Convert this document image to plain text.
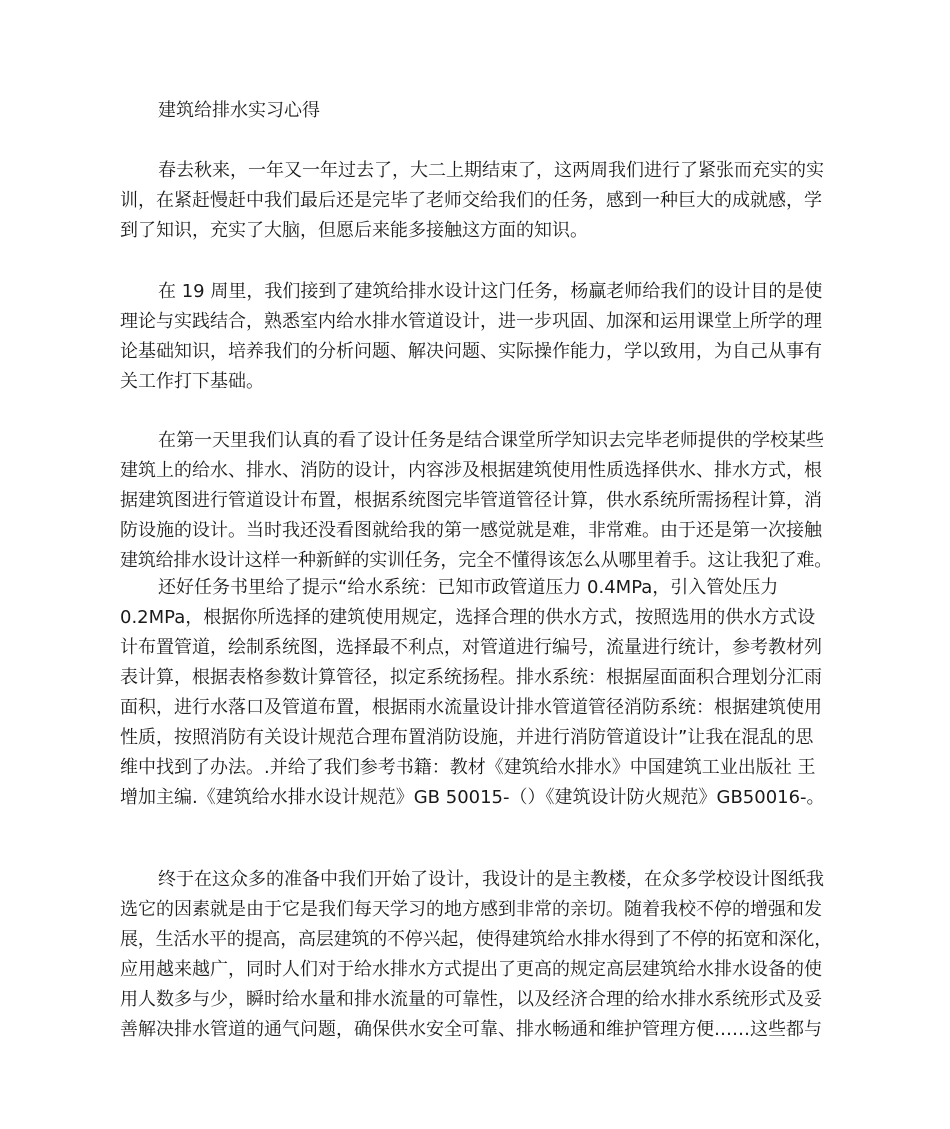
建筑给排水实习心得
春去秋来，一年又一年过去了，大二上期结束了，这两周我们进行了紧张而充实的实
训，在紧赶慢赶中我们最后还是完毕了老师交给我们的任务，感到一种巨大的成就感，学
到了知识，充实了大脑，但愿后来能多接触这方面的知识。
在 19 周里，我们接到了建筑给排水设计这门任务，杨赢老师给我们的设计目的是使
理论与实践结合，熟悉室内给水排水管道设计，进一步巩固、加深和运用课堂上所学的理
论基础知识，培养我们的分析问题、解决问题、实际操作能力，学以致用，为自己从事有
关工作打下基础。
在第一天里我们认真的看了设计任务是结合课堂所学知识去完毕老师提供的学校某些
建筑上的给水、排水、消防的设计，内容涉及根据建筑使用性质选择供水、排水方式，根
据建筑图进行管道设计布置，根据系统图完毕管道管径计算，供水系统所需扬程计算，消
防设施的设计。当时我还没看图就给我的第一感觉就是难，非常难。由于还是第一次接触
建筑给排水设计这样一种新鲜的实训任务，完全不懂得该怎么从哪里着手。这让我犯了难。
还好任务书里给了提示“给水系统：已知市政管道压力 0.4MPa，引入管处压力
0.2MPa，根据你所选择的建筑使用规定，选择合理的供水方式，按照选用的供水方式设
计布置管道，绘制系统图，选择最不利点，对管道进行编号，流量进行统计，参考教材列
表计算，根据表格参数计算管径，拟定系统扬程。排水系统：根据屋面面积合理划分汇雨
面积，进行水落口及管道布置，根据雨水流量设计排水管道管径消防系统：根据建筑使用
性质，按照消防有关设计规范合理布置消防设施，并进行消防管道设计”让我在混乱的思
维中找到了办法。.并给了我们参考书籍：教材《建筑给水排水》中国建筑工业出版社 王
增加主编.《建筑给水排水设计规范》GB 50015-（）《建筑设计防火规范》GB50016-。
终于在这众多的准备中我们开始了设计，我设计的是主教楼，在众多学校设计图纸我
选它的因素就是由于它是我们每天学习的地方感到非常的亲切。随着我校不停的增强和发
展，生活水平的提高，高层建筑的不停兴起，使得建筑给水排水得到了不停的拓宽和深化，
应用越来越广，同时人们对于给水排水方式提出了更高的规定高层建筑给水排水设备的使
用人数多与少，瞬时给水量和排水流量的可靠性，以及经济合理的给水排水系统形式及妥
善解决排水管道的通气问题，确保供水安全可靠、排水畅通和维护管理方便……这些都与
